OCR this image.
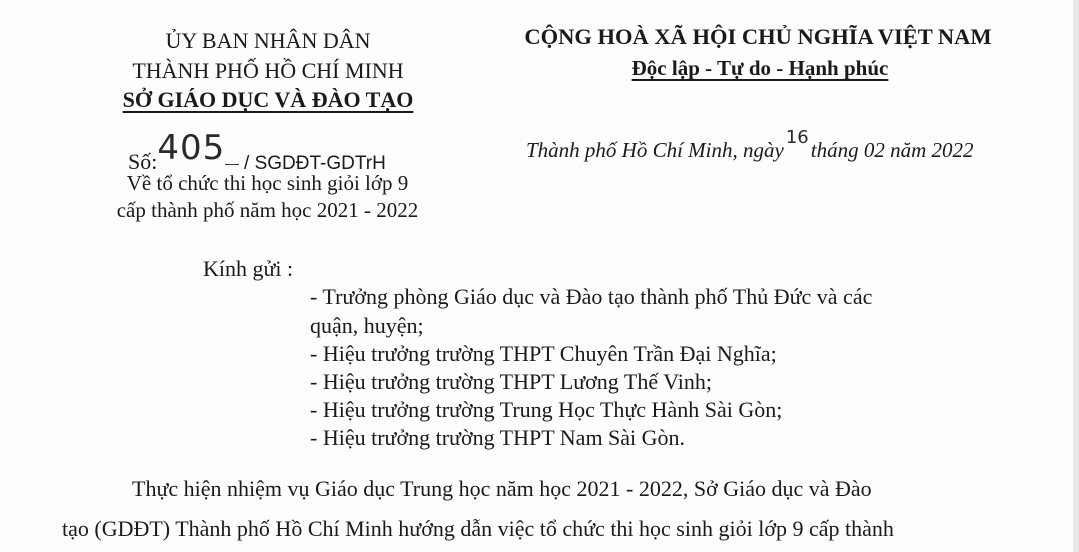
ỦY BAN NHÂN DÂN
THÀNH PHỐ HỒ CHÍ MINH
SỞ GIÁO DỤC VÀ ĐÀO TẠO
CỘNG HOÀ XÃ HỘI CHỦ NGHĨA VIỆT NAM
Độc lập - Tự do - Hạnh phúc
Số:405 / SGDĐT-GDTrH
Về tổ chức thi học sinh giỏi lớp 9
cấp thành phố năm học 2021 - 2022
Thành phố Hồ Chí Minh, ngày16tháng 02 năm 2022
Kính gửi :
- Trưởng phòng Giáo dục và Đào tạo thành phố Thủ Đức và các
quận, huyện;
- Hiệu trưởng trường THPT Chuyên Trần Đại Nghĩa;
- Hiệu trưởng trường THPT Lương Thế Vinh;
- Hiệu trưởng trường Trung Học Thực Hành Sài Gòn;
- Hiệu trưởng trường THPT Nam Sài Gòn.
Thực hiện nhiệm vụ Giáo dục Trung học năm học 2021 - 2022, Sở Giáo dục và Đào
tạo (GDĐT) Thành phố Hồ Chí Minh hướng dẫn việc tổ chức thi học sinh giỏi lớp 9 cấp thành
